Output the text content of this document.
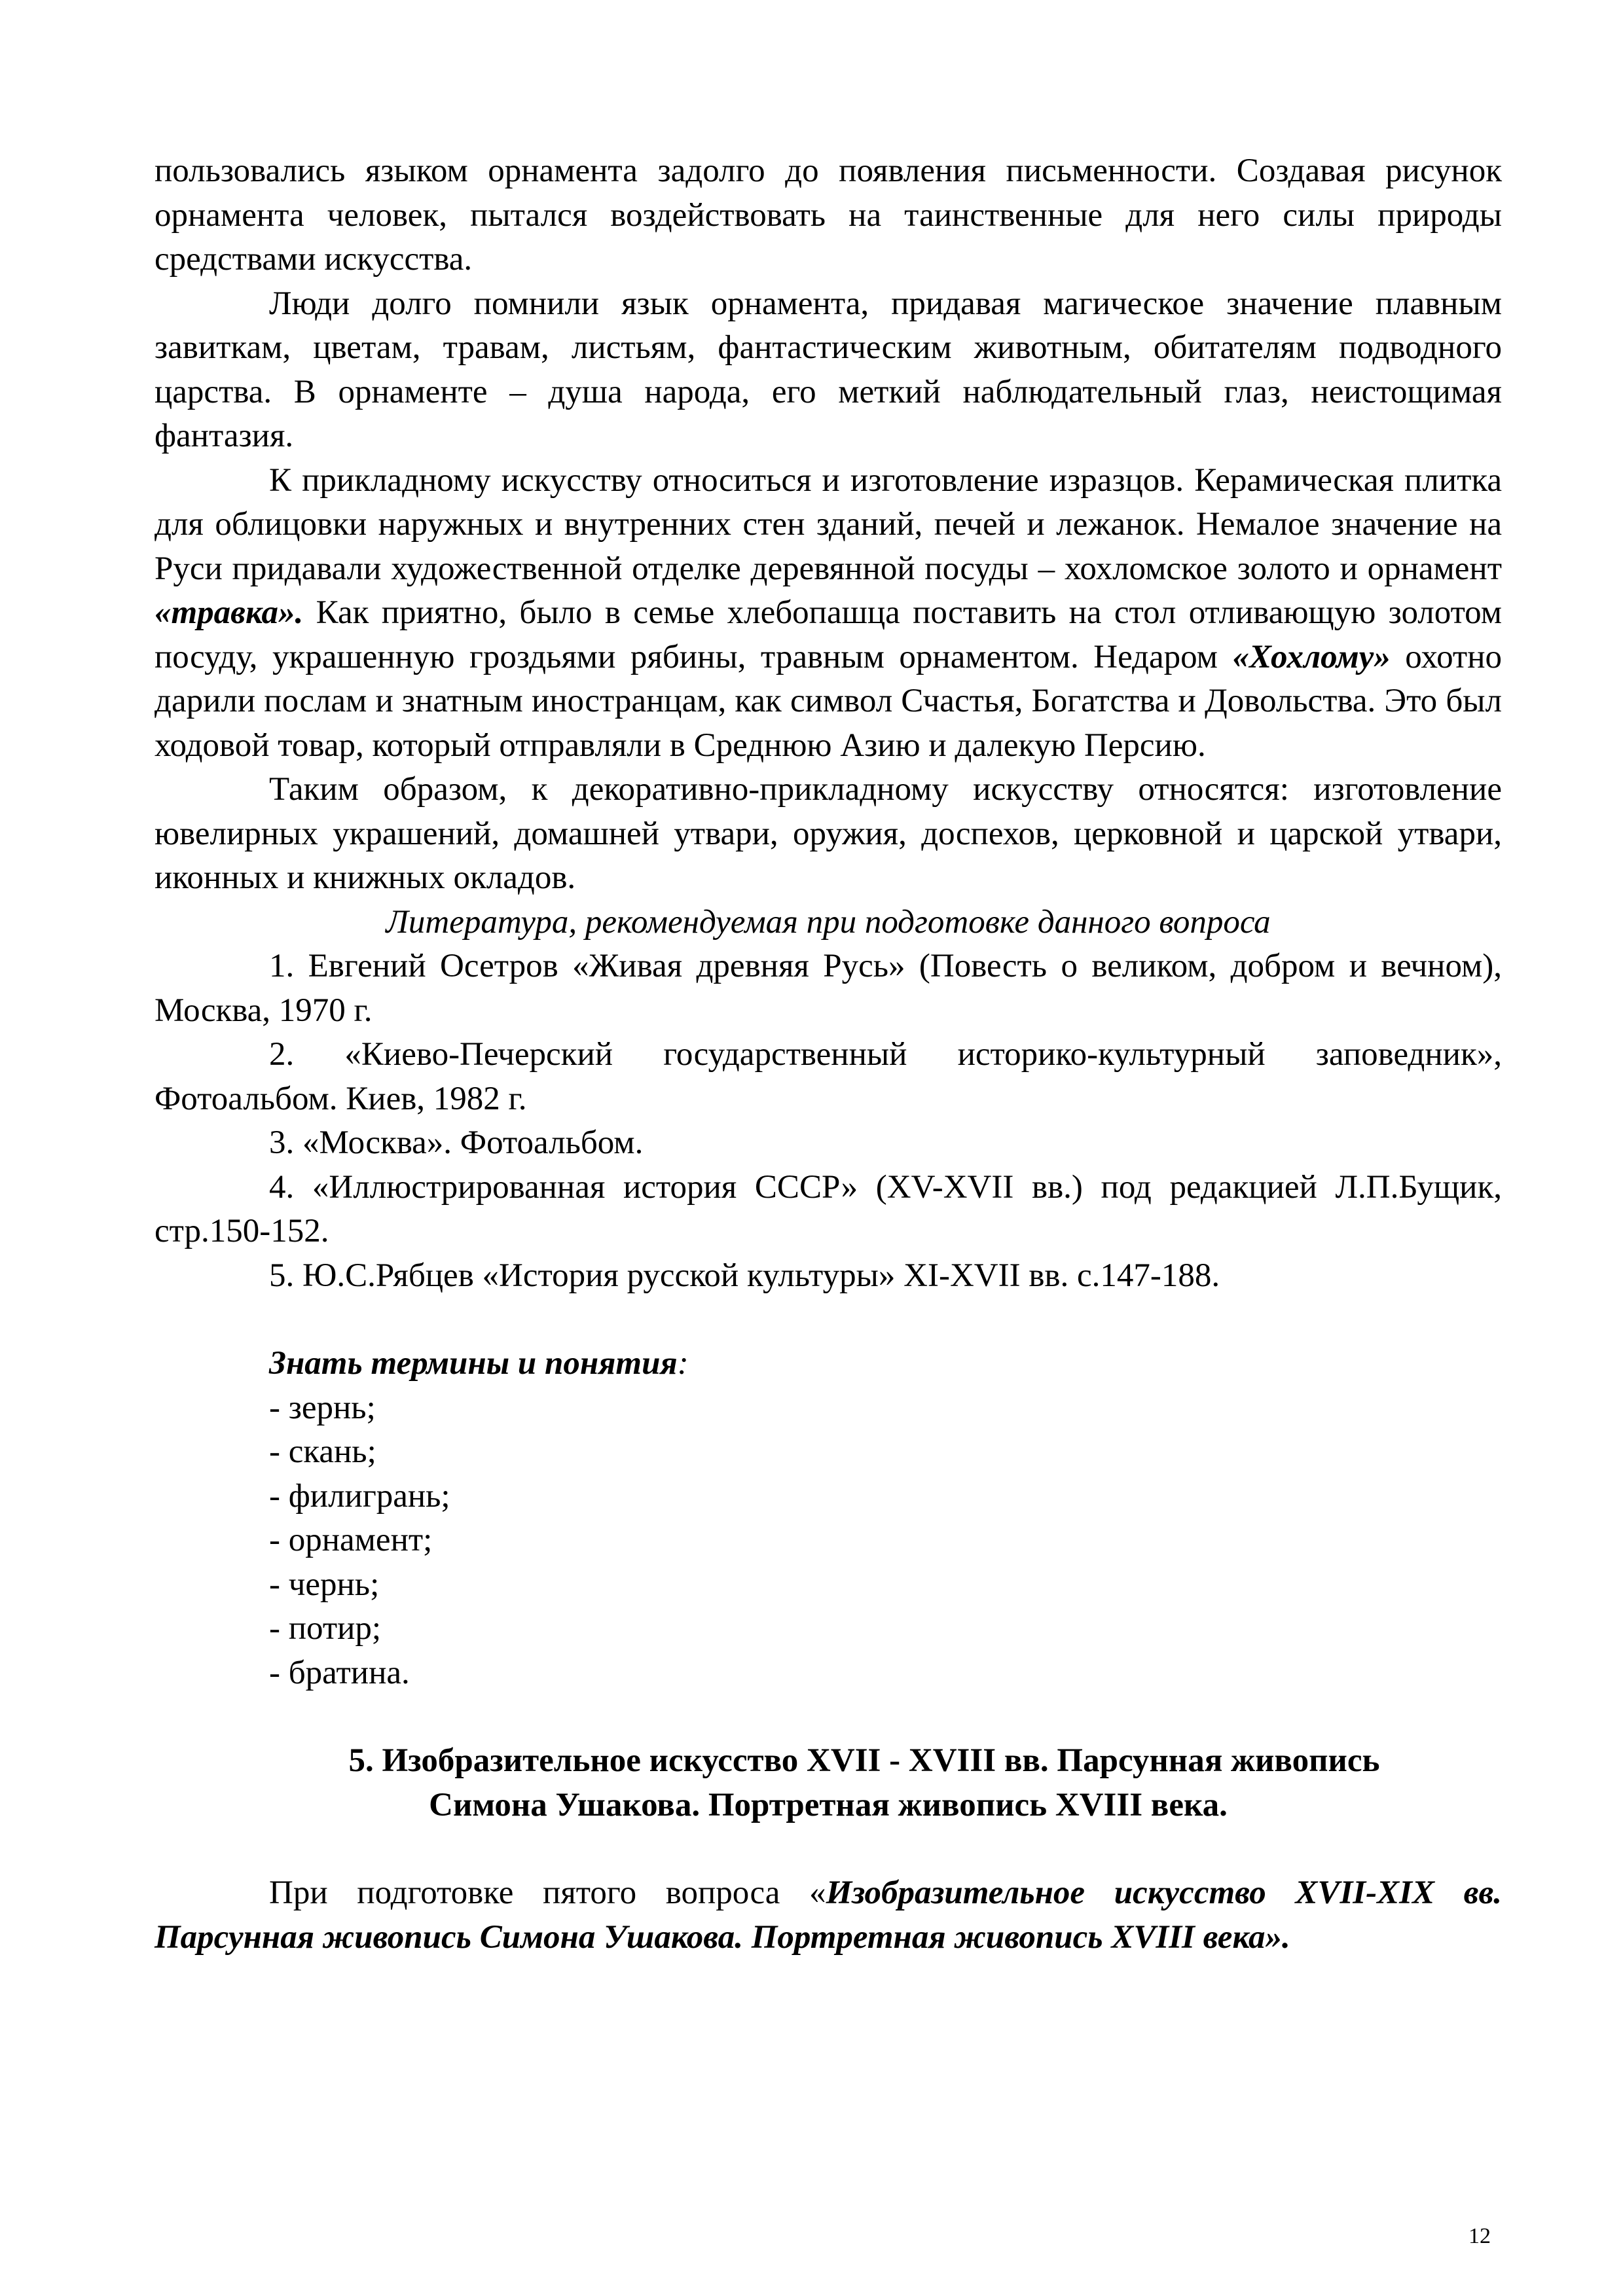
пользовались языком орнамента задолго до появления письменности. Создавая рисунок орнамента человек, пытался воздействовать на таинственные для него силы природы средствами искусства.

Люди долго помнили язык орнамента, придавая магическое значение плавным завиткам, цветам, травам, листьям, фантастическим животным, обитателям подводного царства. В орнаменте – душа народа, его меткий наблюдательный глаз, неистощимая фантазия.

К прикладному искусству относиться и изготовление изразцов. Керамическая плитка для облицовки наружных и внутренних стен зданий, печей и лежанок. Немалое значение на Руси придавали художественной отделке деревянной посуды – хохломское золото и орнамент «травка». Как приятно, было в семье хлебопашца поставить на стол отливающую золотом посуду, украшенную гроздьями рябины, травным орнаментом. Недаром «Хохлому» охотно дарили послам и знатным иностранцам, как символ Счастья, Богатства и Довольства. Это был ходовой товар, который отправляли в Среднюю Азию и далекую Персию.

Таким образом, к декоративно-прикладному искусству относятся: изготовление ювелирных украшений, домашней утвари, оружия, доспехов, церковной и царской утвари, иконных и книжных окладов.

Литература, рекомендуемая при подготовке данного вопроса

1. Евгений Осетров «Живая древняя Русь» (Повесть о великом, добром и вечном), Москва, 1970 г.

2. «Киево-Печерский государственный историко-культурный заповедник», Фотоальбом. Киев, 1982 г.

3. «Москва». Фотоальбом.

4. «Иллюстрированная история СССР» (XV-XVII вв.) под редакцией Л.П.Бущик, стр.150-152.

5. Ю.С.Рябцев «История русской культуры» XI-XVII вв. с.147-188.

Знать термины и понятия:

- зернь;

- скань;

- филигрань;

- орнамент;

- чернь;

- потир;

- братина.

5. Изобразительное искусство XVII - XVIII вв. Парсунная живопись
Симона Ушакова. Портретная живопись XVIII века.

При подготовке пятого вопроса «Изобразительное искусство XVII-XIX вв. Парсунная живопись Симона Ушакова. Портретная живопись XVIII века».

12
